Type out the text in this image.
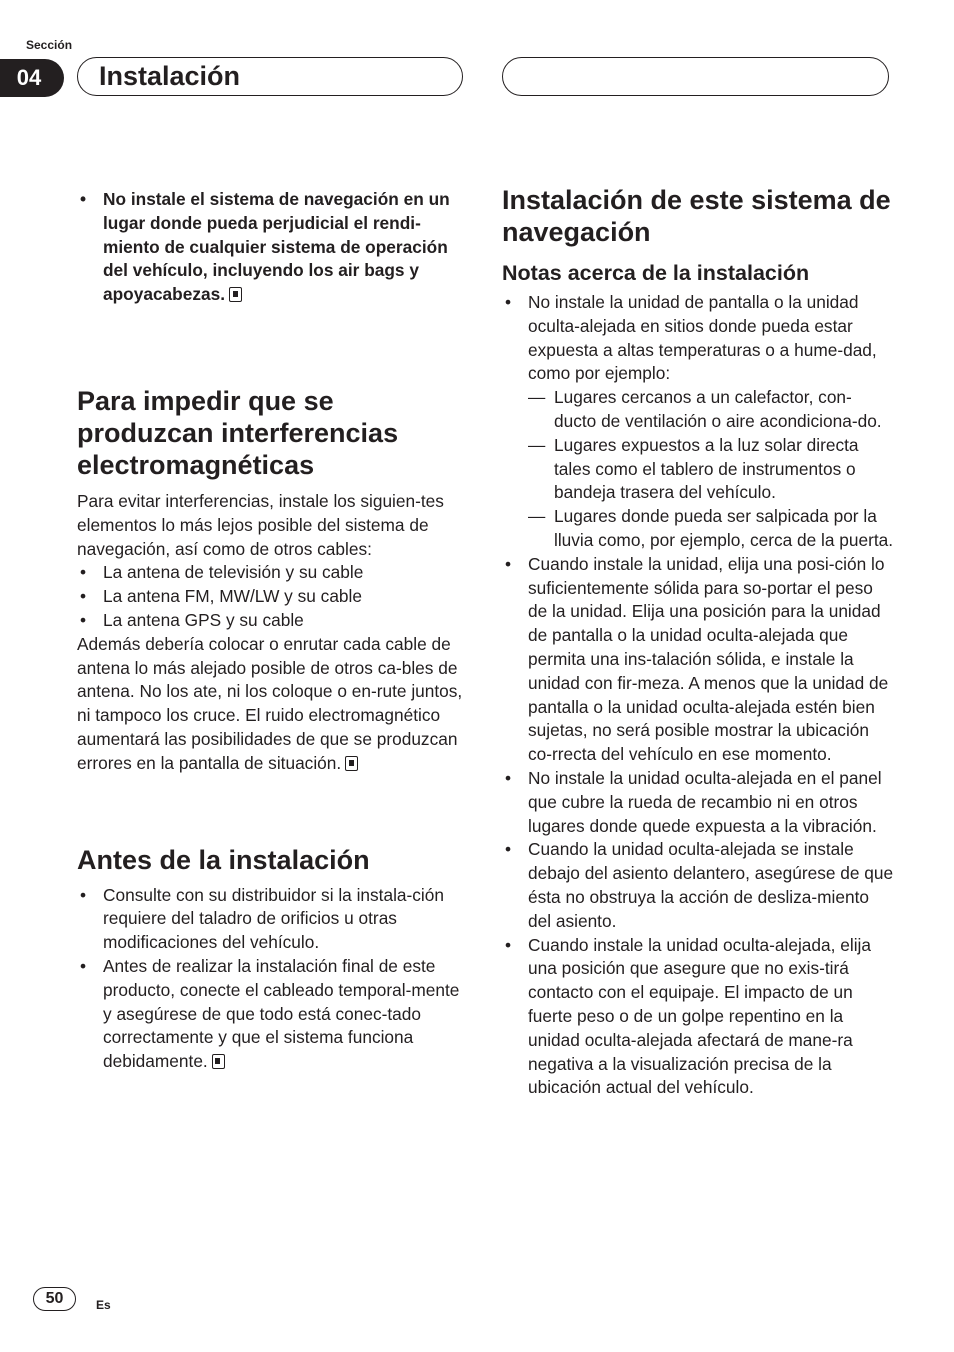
Sección
04	Instalación
• No instale el sistema de navegación en un lugar donde pueda perjudicial el rendi-miento de cualquier sistema de operación del vehículo, incluyendo los air bags y apoyacabezas.
Para impedir que se produzcan interferencias electromagnéticas

Para evitar interferencias, instale los siguien-tes elementos lo más lejos posible del sistema de navegación, así como de otros cables:

• La antena de televisión y su cable
• La antena FM, MW/LW y su cable
• La antena GPS y su cable

Además debería colocar o enrutar cada cable de antena lo más alejado posible de otros ca-bles de antena. No los ate, ni los coloque o en-rute juntos, ni tampoco los cruce. El ruido electromagnético aumentará las posibilidades de que se produzcan errores en la pantalla de situación.

Antes de la instalación
• Consulte con su distribuidor si la instala-ción requiere del taladro de orificios u otras modificaciones del vehículo.
• Antes de realizar la instalación final de este producto, conecte el cableado temporal-mente y asegúrese de que todo está conec-tado correctamente y que el sistema funciona debidamente.
Instalación de este sistema de navegación
Notas acerca de la instalación
• No instale la unidad de pantalla o la unidad oculta-alejada en sitios donde pueda estar expuesta a altas temperaturas o a hume-dad, como por ejemplo:
— Lugares cercanos a un calefactor, con-ducto de ventilación o aire acondiciona-do.
— Lugares expuestos a la luz solar directa tales como el tablero de instrumentos o bandeja trasera del vehículo.
— Lugares donde pueda ser salpicada por la lluvia como, por ejemplo, cerca de la puerta.
• Cuando instale la unidad, elija una posi-ción lo suficientemente sólida para so-portar el peso de la unidad. Elija una posición para la unidad de pantalla o la unidad oculta-alejada que permita una ins-talación sólida, e instale la unidad con fir-meza. A menos que la unidad de pantalla o la unidad oculta-alejada estén bien sujetas, no será posible mostrar la ubicación co-rrecta del vehículo en ese momento.
• No instale la unidad oculta-alejada en el panel que cubre la rueda de recambio ni en otros lugares donde quede expuesta a la vibración.
• Cuando la unidad oculta-alejada se instale debajo del asiento delantero, asegúrese de que ésta no obstruya la acción de desliza-miento del asiento.
• Cuando instale la unidad oculta-alejada, elija una posición que asegure que no exis-tirá contacto con el equipaje. El impacto de un fuerte peso o de un golpe repentino en la unidad oculta-alejada afectará de mane-ra negativa a la visualización precisa de la ubicación actual del vehículo.
50	Es
